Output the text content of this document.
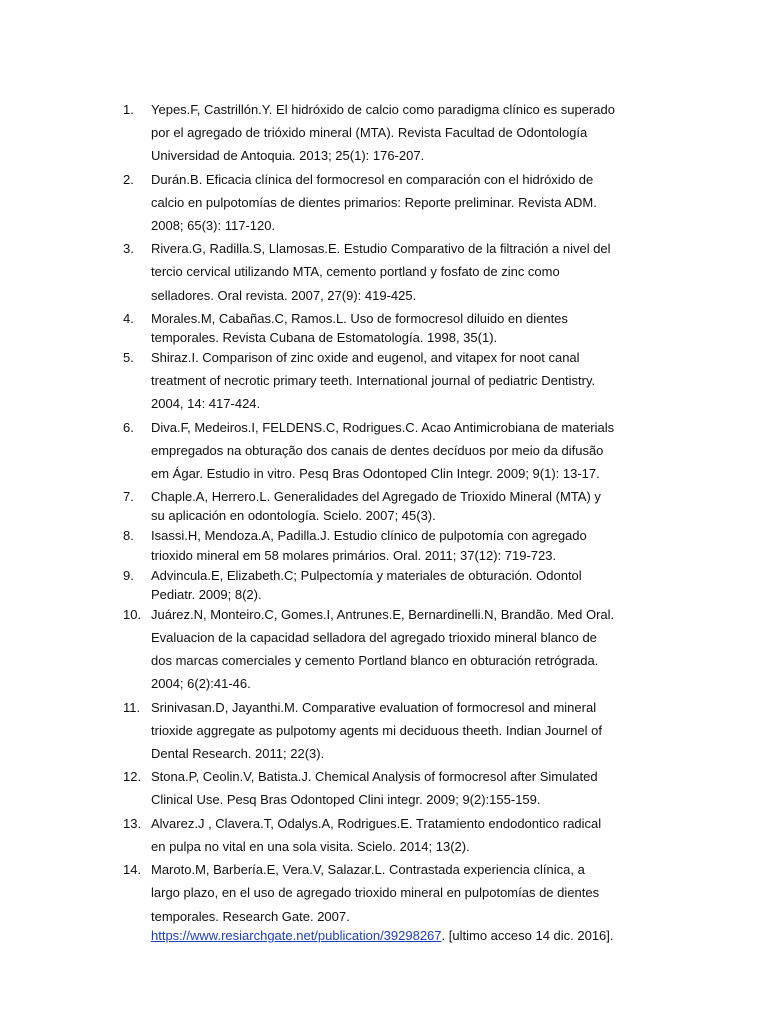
1.	Yepes.F, Castrillón.Y. El hidróxido de calcio como paradigma clínico es superado
por el agregado de trióxido mineral (MTA). Revista Facultad de Odontología
Universidad de Antoquia. 2013; 25(1): 176-207.
2.	Durán.B. Eficacia clínica del formocresol en comparación con el hidróxido de
calcio en pulpotomías de dientes primarios: Reporte preliminar. Revista ADM.
2008; 65(3): 117-120.
3.	Rivera.G, Radilla.S, Llamosas.E. Estudio Comparativo de la filtración a nivel del
tercio cervical utilizando MTA, cemento portland y fosfato de zinc como
selladores. Oral revista. 2007, 27(9): 419-425.
4.	Morales.M, Cabañas.C, Ramos.L. Uso de formocresol diluido en dientes
temporales. Revista Cubana de Estomatología. 1998, 35(1).
5.	Shiraz.I. Comparison of zinc oxide and eugenol, and vitapex for noot canal
treatment of necrotic primary teeth. International journal of pediatric Dentistry.
2004, 14: 417-424.
6.	Diva.F, Medeiros.I, FELDENS.C, Rodrigues.C. Acao Antimicrobiana de materials
empregados na obturação dos canais de dentes decíduos por meio da difusão
em Ágar. Estudio in vitro. Pesq Bras Odontoped Clin Integr. 2009; 9(1): 13-17.
7.	Chaple.A, Herrero.L. Generalidades del Agregado de Trioxido Mineral (MTA) y
su aplicación en odontología. Scielo. 2007; 45(3).
8.	Isassi.H, Mendoza.A, Padilla.J. Estudio clínico de pulpotomía con agregado
trioxido mineral em 58 molares primários. Oral. 2011; 37(12): 719-723.
9.	Advincula.E, Elizabeth.C; Pulpectomía y materiales de obturación. Odontol
Pediatr. 2009; 8(2).
10. Juárez.N, Monteiro.C, Gomes.I, Antrunes.E, Bernardinelli.N, Brandão. Med Oral.
Evaluacion de la capacidad selladora del agregado trioxido mineral blanco de
dos marcas comerciales y cemento Portland blanco en obturación retrógrada.
2004; 6(2):41-46.
11. Srinivasan.D, Jayanthi.M. Comparative evaluation of formocresol and mineral
trioxide aggregate as pulpotomy agents mi deciduous theeth. Indian Journel of
Dental Research. 2011; 22(3).
12. Stona.P, Ceolin.V, Batista.J. Chemical Analysis of formocresol after Simulated
Clinical Use. Pesq Bras Odontoped Clini integr. 2009; 9(2):155-159.
13. Alvarez.J , Clavera.T, Odalys.A, Rodrigues.E. Tratamiento endodontico radical
en pulpa no vital en una sola visita. Scielo. 2014; 13(2).
14. Maroto.M, Barbería.E, Vera.V, Salazar.L. Contrastada experiencia clínica, a
largo plazo, en el uso de agregado trioxido mineral en pulpotomías de dientes
temporales. Research Gate. 2007.
https://www.resiarchgate.net/publication/39298267. [ultimo acceso 14 dic. 2016].
